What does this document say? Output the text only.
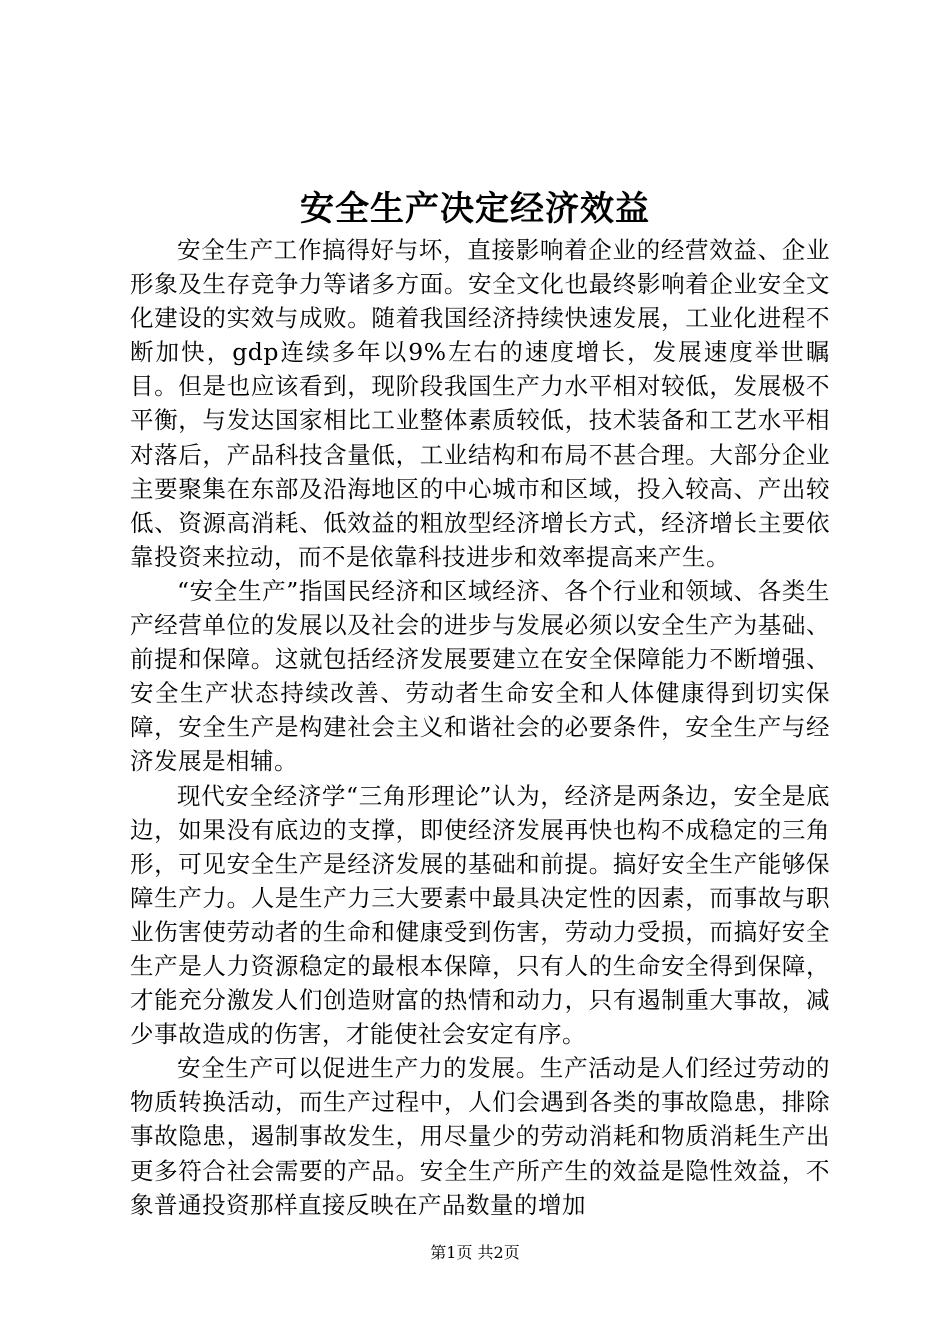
安全生产决定经济效益

安全生产工作搞得好与坏，直接影响着企业的经营效益、企业形象及生存竞争力等诸多方面。安全文化也最终影响着企业安全文化建设的实效与成败。随着我国经济持续快速发展，工业化进程不断加快，gdp连续多年以9%左右的速度增长，发展速度举世瞩目。但是也应该看到，现阶段我国生产力水平相对较低，发展极不平衡，与发达国家相比工业整体素质较低，技术装备和工艺水平相对落后，产品科技含量低，工业结构和布局不甚合理。大部分企业主要聚集在东部及沿海地区的中心城市和区域，投入较高、产出较低、资源高消耗、低效益的粗放型经济增长方式，经济增长主要依靠投资来拉动，而不是依靠科技进步和效率提高来产生。

“安全生产”指国民经济和区域经济、各个行业和领域、各类生产经营单位的发展以及社会的进步与发展必须以安全生产为基础、前提和保障。这就包括经济发展要建立在安全保障能力不断增强、安全生产状态持续改善、劳动者生命安全和人体健康得到切实保障，安全生产是构建社会主义和谐社会的必要条件，安全生产与经济发展是相辅。

现代安全经济学“三角形理论”认为，经济是两条边，安全是底边，如果没有底边的支撑，即使经济发展再快也构不成稳定的三角形，可见安全生产是经济发展的基础和前提。搞好安全生产能够保障生产力。人是生产力三大要素中最具决定性的因素，而事故与职业伤害使劳动者的生命和健康受到伤害，劳动力受损，而搞好安全生产是人力资源稳定的最根本保障，只有人的生命安全得到保障，才能充分激发人们创造财富的热情和动力，只有遏制重大事故，减少事故造成的伤害，才能使社会安定有序。

安全生产可以促进生产力的发展。生产活动是人们经过劳动的物质转换活动，而生产过程中，人们会遇到各类的事故隐患，排除事故隐患，遏制事故发生，用尽量少的劳动消耗和物质消耗生产出更多符合社会需要的产品。安全生产所产生的效益是隐性效益，不象普通投资那样直接反映在产品数量的增加

第1页 共2页
